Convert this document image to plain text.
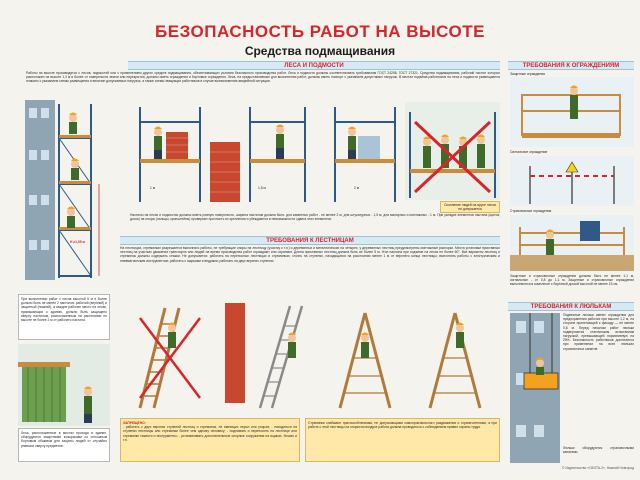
БЕЗОПАСНОСТЬ РАБОТ НА ВЫСОТЕ
Средства подмащивания
ЛЕСА И ПОДМОСТИ
Работы на высоте производятся с лесов, подмостей или с применением других средств подмащивания, обеспечивающих условия безопасного производства работ. Леса и подмости должны соответствовать требованиям ГОСТ 24258, ГОСТ 27321. Средства подмащивания, рабочий настил которых расположен на высоте 1,3 м и более от поверхности земли или перекрытия, должны иметь ограждения и бортовые ограждения. Леса, на предоставляемые для выполнения работ, должны иметь паспорт с указанием допустимых нагрузок. В местах подъёма работников на леса и подмости размещаются плакаты с указанием схемы размещения и величин допускаемых нагрузок, а также схемы эвакуации работников в случае возникновения аварийной ситуации.
ТРЕБОВАНИЯ К ОГРАЖДЕНИЯМ
Н ≥1,05 м
1 м	1,5 м	2 м
Скопление людей на ярусе лесов не допускается
Настилы на лесах и подмостях должны иметь ровную поверхность, ширина настилов должна быть: для каменных работ - не менее 2 м, для штукатурных - 1,5 м, для малярных и монтажных - 1 м. При укладке элементов настила (щитов, досок) на опоры (пальцы, кронштейны) проверяют прочность их крепления и убеждаются в невозможности сдвига этих элементов.
ТРЕБОВАНИЯ К ЛЕСТНИЦАМ
На лестницах, стремянках разрешается выполнять работы, не требующие опоры на лестницу (участку к т.п.) и деревянных и металлических на четырех, у деревянных лестниц предусмотрены монтажные распорки. Места установки приставных лестниц на участках движения транспорта или людей на время производства работ ограждают или охраняют. Длина приставных лестниц должна быть не более 5 м. Угол наклона при подъеме на лесах не более 60°. Все варианты лестниц и стремянок должны содержать стяжки. Не допускается: работать на переносных лестницах и стремянках; стоять на ступенях, находящихся на расстоянии менее 1 м от верхнего конца лестницы; выполнять работы с электрическим и пневматическим инструментом; работать с ящиками и ведрами; работать на двух верхних ступенях.
При выполнении работ с лесов высотой 6 м и более должно быть не менее 2 настилов: рабочий (верхний) и защитный (нижний), а каждое рабочее место на лесах, примыкающих к зданию, должно быть защищено сверху настилом, расположенным на расстоянии по высоте не более 2 м от рабочего настила.
Леса, расположенные в местах прохода в здание, оборудуются защитными козырьками со сплошным бортовым обшивом для защиты людей от случайно упавших сверху предметов.
ЗАПРЕЩЕНО:
- работать с двух верхних ступеней лестниц и стремянок, не имеющих перил или упоров; - находиться на ступенях лестницы или стремянки более чем одному человеку; - поднимать и переносить на лестнице или стремянке тяжести и инструменты; - устанавливать дополнительные опорные сооружения на ящиках, бочках и т.п.
Стремянки снабжают приспособлениями, не допускающими самопроизвольного раздвижения и ограничителями; а при работе с этой лестницы на открытом воздухе работа должна проводиться с соблюдением правил охраны труда.
Защитные ограждения
Сигнальное ограждение
Страховочные ограждения
Защитные и страховочные ограждения должны быть не менее 1,1 м, сигнальные - от 0,8 до 1,1 м. Защитные и страховочные ограждения выполняются в комплекте с бортовой доской высотой не менее 15 см.
ТРЕБОВАНИЯ К ЛЮЛЬКАМ
Подвесные люльки имеют ограждения для предохранения рабочих при высоте 1,2 м, на стороне прилегающей к фасаду — не менее 0,8 м. Перед началом работ люльки подвергаются статическим испытаниям нагрузкой, превышающей нормативную на 25%. Безопасность работников достигается при применении на всех люльках страховочных канатов.
Люльки оборудуются страховочными канатами.
© Издательство «ОБЛТА-2», Нижний Новгород
